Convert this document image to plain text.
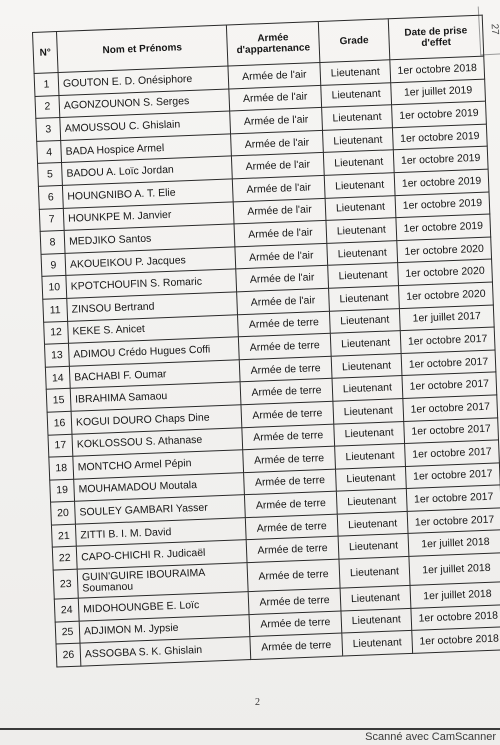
27
N°	Nom et Prénoms	Armée d'appartenance	Grade	Date de prise d'effet
1	GOUTON E. D. Onésiphore	Armée de l'air	Lieutenant	1er octobre 2018
2	AGONZOUNON S. Serges	Armée de l'air	Lieutenant	1er juillet 2019
3	AMOUSSOU C. Ghislain	Armée de l'air	Lieutenant	1er octobre 2019
4	BADA Hospice Armel	Armée de l'air	Lieutenant	1er octobre 2019
5	BADOU A. Loïc Jordan	Armée de l'air	Lieutenant	1er octobre 2019
6	HOUNGNIBO A. T. Elie	Armée de l'air	Lieutenant	1er octobre 2019
7	HOUNKPE M. Janvier	Armée de l'air	Lieutenant	1er octobre 2019
8	MEDJIKO Santos	Armée de l'air	Lieutenant	1er octobre 2019
9	AKOUEIKOU P. Jacques	Armée de l'air	Lieutenant	1er octobre 2020
10	KPOTCHOUFIN S. Romaric	Armée de l'air	Lieutenant	1er octobre 2020
11	ZINSOU Bertrand	Armée de l'air	Lieutenant	1er octobre 2020
12	KEKE S. Anicet	Armée de terre	Lieutenant	1er juillet 2017
13	ADIMOU Crédo Hugues Coffi	Armée de terre	Lieutenant	1er octobre 2017
14	BACHABI F. Oumar	Armée de terre	Lieutenant	1er octobre 2017
15	IBRAHIMA Samaou	Armée de terre	Lieutenant	1er octobre 2017
16	KOGUI DOURO Chaps Dine	Armée de terre	Lieutenant	1er octobre 2017
17	KOKLOSSOU S. Athanase	Armée de terre	Lieutenant	1er octobre 2017
18	MONTCHO Armel Pépin	Armée de terre	Lieutenant	1er octobre 2017
19	MOUHAMADOU Moutala	Armée de terre	Lieutenant	1er octobre 2017
20	SOULEY GAMBARI Yasser	Armée de terre	Lieutenant	1er octobre 2017
21	ZITTI B. I. M. David	Armée de terre	Lieutenant	1er octobre 2017
22	CAPO-CHICHI R. Judicaël	Armée de terre	Lieutenant	1er juillet 2018
23	GUIN'GUIRE IBOURAIMA
Soumanou	Armée de terre	Lieutenant	1er juillet 2018
24	MIDOHOUNGBE E. Loïc	Armée de terre	Lieutenant	1er juillet 2018
25	ADJIMON M. Jypsie	Armée de terre	Lieutenant	1er octobre 2018
26	ASSOGBA S. K. Ghislain	Armée de terre	Lieutenant	1er octobre 2018
2
Scanné avec CamScanner
